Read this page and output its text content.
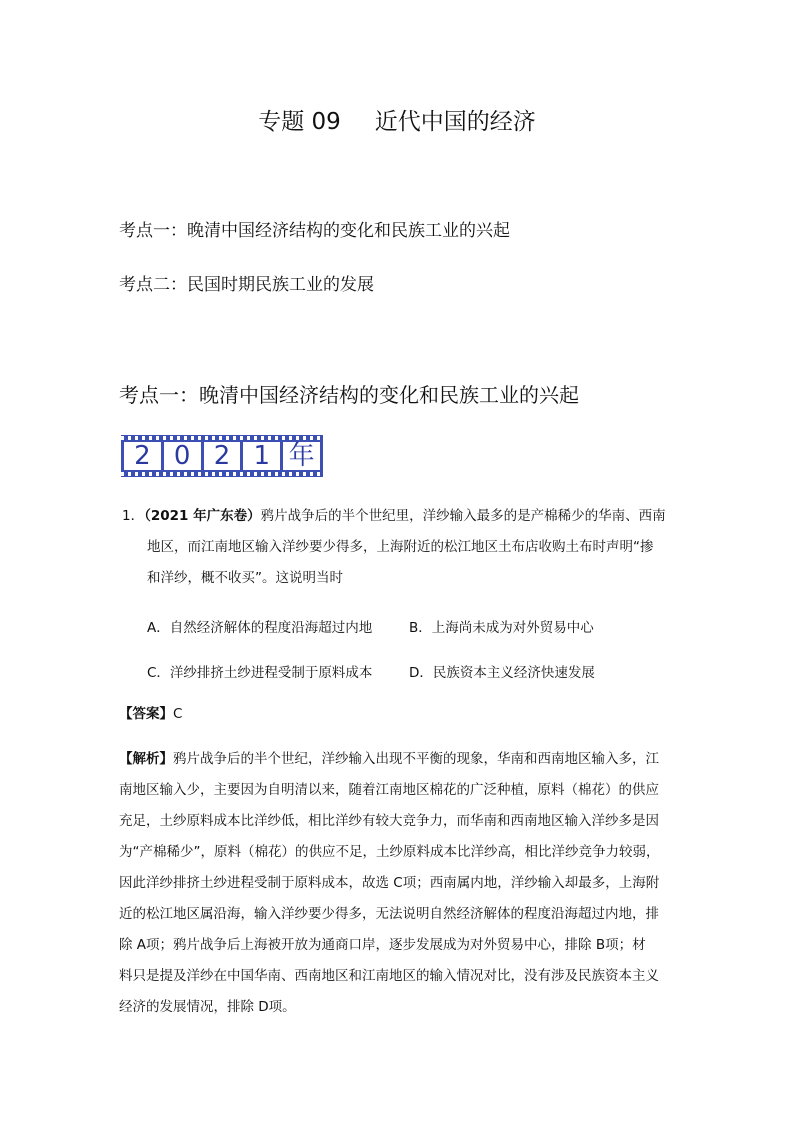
专题 09 近代中国的经济
考点一：晚清中国经济结构的变化和民族工业的兴起
考点二：民国时期民族工业的发展
考点一：晚清中国经济结构的变化和民族工业的兴起
2 0 2 1 年
1．（2021 年广东卷）鸦片战争后的半个世纪里，洋纱输入最多的是产棉稀少的华南、西南
地区，而江南地区输入洋纱要少得多，上海附近的松江地区土布店收购土布时声明“掺
和洋纱，概不收买”。这说明当时
A．自然经济解体的程度沿海超过内地	B．上海尚未成为对外贸易中心
C．洋纱排挤土纱进程受制于原料成本	D．民族资本主义经济快速发展
【答案】C
【解析】鸦片战争后的半个世纪，洋纱输入出现不平衡的现象，华南和西南地区输入多，江
南地区输入少，主要因为自明清以来，随着江南地区棉花的广泛种植，原料（棉花）的供应
充足，土纱原料成本比洋纱低，相比洋纱有较大竞争力，而华南和西南地区输入洋纱多是因
为“产棉稀少”，原料（棉花）的供应不足，土纱原料成本比洋纱高，相比洋纱竞争力较弱，
因此洋纱排挤土纱进程受制于原料成本，故选 C项；西南属内地，洋纱输入却最多，上海附
近的松江地区属沿海，输入洋纱要少得多，无法说明自然经济解体的程度沿海超过内地，排
除 A项；鸦片战争后上海被开放为通商口岸，逐步发展成为对外贸易中心，排除 B项；材
料只是提及洋纱在中国华南、西南地区和江南地区的输入情况对比，没有涉及民族资本主义
经济的发展情况，排除 D项。
